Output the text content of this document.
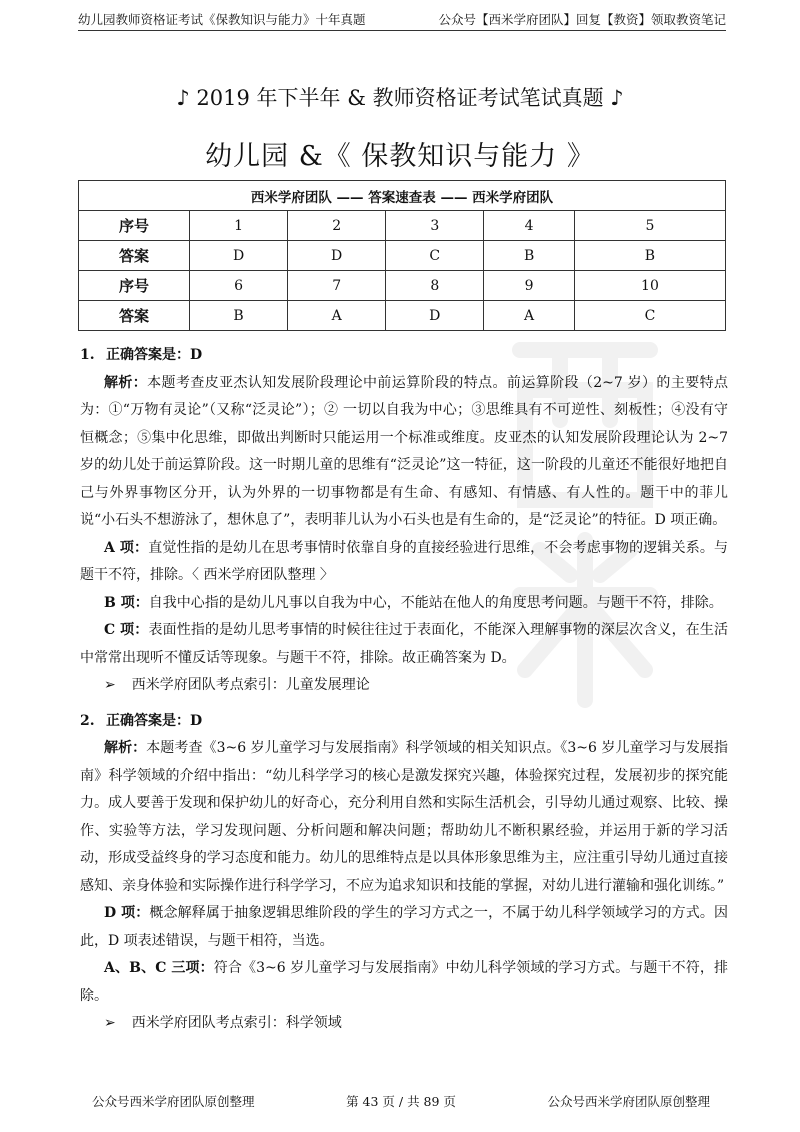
幼儿园教师资格证考试《保教知识与能力》十年真题	公众号【西米学府团队】回复【教资】领取教资笔记
♪ 2019 年下半年 & 教师资格证考试笔试真题 ♪
幼儿园 &《 保教知识与能力 》
西米学府团队 —— 答案速查表 —— 西米学府团队					
序号	1	2	3	4	5
答案	D	D	C	B	B
序号	6	7	8	9	10
答案	B	A	D	A	C
1. 正确答案是：D

解析：本题考查皮亚杰认知发展阶段理论中前运算阶段的特点。前运算阶段（2~7 岁）的主要特点为：①“万物有灵论”（又称“泛灵论”）；② 一切以自我为中心；③思维具有不可逆性、刻板性；④没有守恒概念；⑤集中化思维，即做出判断时只能运用一个标准或维度。皮亚杰的认知发展阶段理论认为 2~7 岁的幼儿处于前运算阶段。这一时期儿童的思维有“泛灵论”这一特征，这一阶段的儿童还不能很好地把自己与外界事物区分开，认为外界的一切事物都是有生命、有感知、有情感、有人性的。题干中的菲儿说“小石头不想游泳了，想休息了”，表明菲儿认为小石头也是有生命的，是“泛灵论”的特征。D 项正确。

A 项：直觉性指的是幼儿在思考事情时依靠自身的直接经验进行思维，不会考虑事物的逻辑关系。与题干不符，排除。〈 西米学府团队整理 〉

B 项：自我中心指的是幼儿凡事以自我为中心，不能站在他人的角度思考问题。与题干不符，排除。

C 项：表面性指的是幼儿思考事情的时候往往过于表面化，不能深入理解事物的深层次含义，在生活中常常出现听不懂反话等现象。与题干不符，排除。故正确答案为 D。

➢ 西米学府团队考点索引：儿童发展理论
2. 正确答案是：D

解析：本题考查《3~6 岁儿童学习与发展指南》科学领域的相关知识点。《3~6 岁儿童学习与发展指南》科学领域的介绍中指出：“幼儿科学学习的核心是激发探究兴趣，体验探究过程，发展初步的探究能力。成人要善于发现和保护幼儿的好奇心，充分利用自然和实际生活机会，引导幼儿通过观察、比较、操作、实验等方法，学习发现问题、分析问题和解决问题；帮助幼儿不断积累经验，并运用于新的学习活动，形成受益终身的学习态度和能力。幼儿的思维特点是以具体形象思维为主，应注重引导幼儿通过直接感知、亲身体验和实际操作进行科学学习，不应为追求知识和技能的掌握，对幼儿进行灌输和强化训练。”

D 项：概念解释属于抽象逻辑思维阶段的学生的学习方式之一，不属于幼儿科学领域学习的方式。因此，D 项表述错误，与题干相符，当选。

A、B、C 三项：符合《3~6 岁儿童学习与发展指南》中幼儿科学领域的学习方式。与题干不符，排除。

➢ 西米学府团队考点索引：科学领域
公众号西米学府团队原创整理	第 43 页 / 共 89 页	公众号西米学府团队原创整理
